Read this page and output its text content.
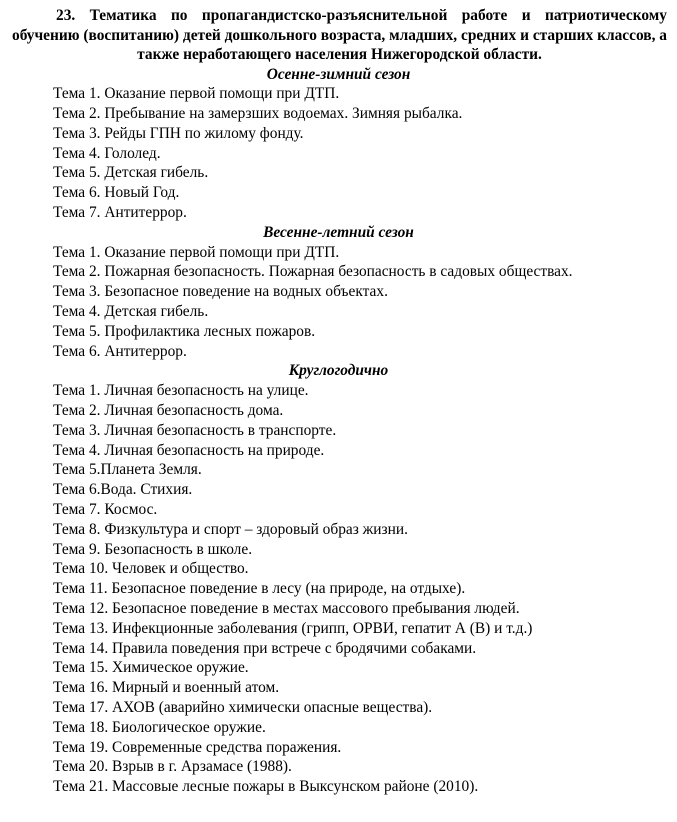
23. Тематика по пропагандистско-разъяснительной работе и патриотическому обучению (воспитанию) детей дошкольного возраста, младших, средних и старших классов, а также неработающего населения Нижегородской области.

Осенне-зимний сезон

Тема 1. Оказание первой помощи при ДТП.
Тема 2. Пребывание на замерзших водоемах. Зимняя рыбалка.
Тема 3. Рейды ГПН по жилому фонду.
Тема 4. Гололед.
Тема 5. Детская гибель.
Тема 6. Новый Год.
Тема 7. Антитеррор.

Весенне-летний сезон

Тема 1. Оказание первой помощи при ДТП.
Тема 2. Пожарная безопасность. Пожарная безопасность в садовых обществах.
Тема 3. Безопасное поведение на водных объектах.
Тема 4. Детская гибель.
Тема 5. Профилактика лесных пожаров.
Тема 6. Антитеррор.

Круглогодично

Тема 1. Личная безопасность на улице.
Тема 2. Личная безопасность дома.
Тема 3. Личная безопасность в транспорте.
Тема 4. Личная безопасность на природе.
Тема 5.Планета Земля.
Тема 6.Вода. Стихия.
Тема 7. Космос.
Тема 8. Физкультура и спорт – здоровый образ жизни.
Тема 9. Безопасность в школе.
Тема 10. Человек и общество.
Тема 11. Безопасное поведение в лесу (на природе, на отдыхе).
Тема 12. Безопасное поведение в местах массового пребывания людей.
Тема 13. Инфекционные заболевания (грипп, ОРВИ, гепатит А (В) и т.д.)
Тема 14. Правила поведения при встрече с бродячими собаками.
Тема 15. Химическое оружие.
Тема 16. Мирный и военный атом.
Тема 17. АХОВ (аварийно химически опасные вещества).
Тема 18. Биологическое оружие.
Тема 19. Современные средства поражения.
Тема 20. Взрыв в г. Арзамасе (1988).
Тема 21. Массовые лесные пожары в Выксунском районе (2010).
